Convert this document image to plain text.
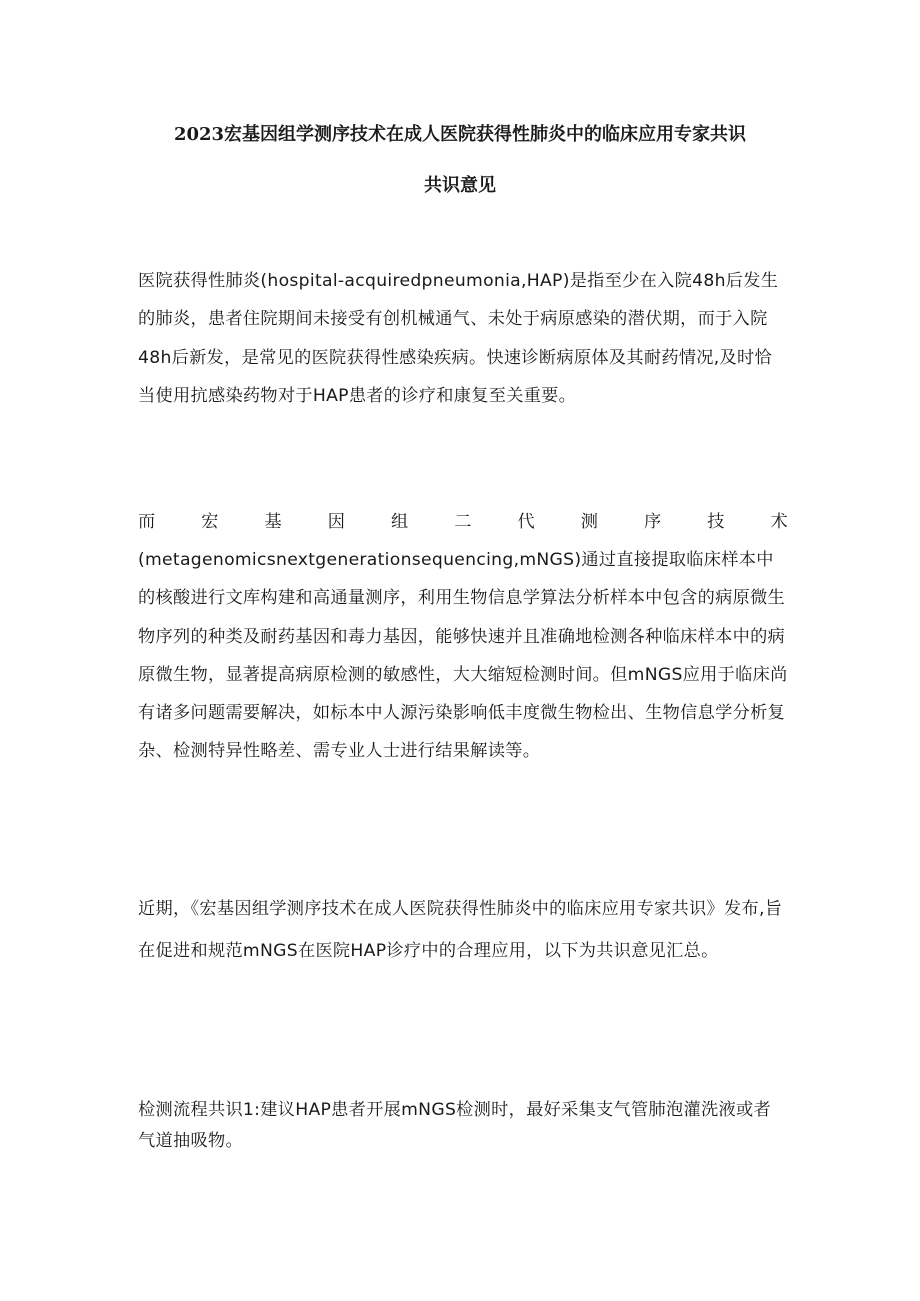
2023宏基因组学测序技术在成人医院获得性肺炎中的临床应用专家共识
共识意见

医院获得性肺炎(hospital-acquiredpneumonia,HAP)是指至少在入院48h后发生的肺炎，患者住院期间未接受有创机械通气、未处于病原感染的潜伏期，而于入院48h后新发，是常见的医院获得性感染疾病。快速诊断病原体及其耐药情况,及时恰当使用抗感染药物对于HAP患者的诊疗和康复至关重要。

而	宏	基	因	组	二	代	测	序	技	术
(metagenomicsnextgenerationsequencing,mNGS)通过直接提取临床样本中的核酸进行文库构建和高通量测序，利用生物信息学算法分析样本中包含的病原微生物序列的种类及耐药基因和毒力基因，能够快速并且准确地检测各种临床样本中的病原微生物，显著提高病原检测的敏感性，大大缩短检测时间。但mNGS应用于临床尚有诸多问题需要解决，如标本中人源污染影响低丰度微生物检出、生物信息学分析复杂、检测特异性略差、需专业人士进行结果解读等。

近期，《宏基因组学测序技术在成人医院获得性肺炎中的临床应用专家共识》发布,旨在促进和规范mNGS在医院HAP诊疗中的合理应用，以下为共识意见汇总。

检测流程共识1:建议HAP患者开展mNGS检测时，最好采集支气管肺泡灌洗液或者气道抽吸物。
